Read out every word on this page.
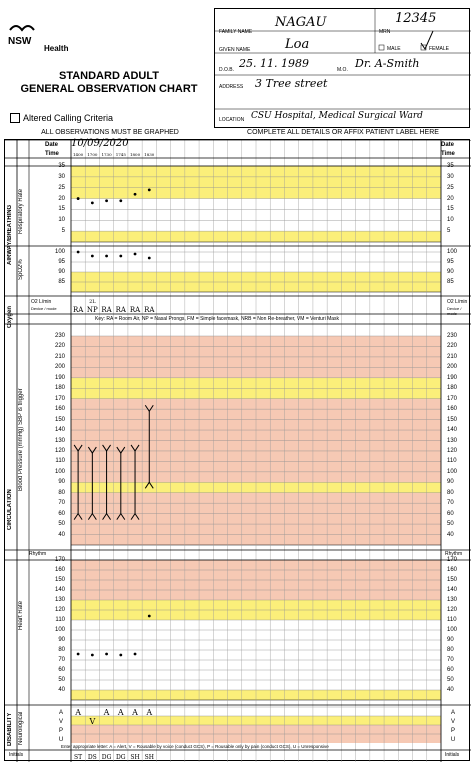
NSW
Health
STANDARD ADULT
GENERAL OBSERVATION CHART
Altered Calling Criteria
ALL OBSERVATIONS MUST BE GRAPHED	COMPLETE ALL DETAILS OR AFFIX PATIENT LABEL HERE
FAMILY NAME
NAGAU
MRN
12345
GIVEN NAME	Loa	MALE	FEMALE
D.O.B. 25. 11. 1989	M.O. Dr. A-Smith
ADDRESS 3 Tree street
LOCATION CSU Hospital, Medical Surgical Ward
A	A
V	V
P	P
U	U
1400 1700 1730 1745 1800 1830
RA NP RA RA RA RA
2L
A
V
A A A A
ST DS DG DG SH SH
AIRWAY/BREATHING Respiratory Rate
SpO2%
Oxygen
CIRCULATION
Blood Pressure (mmHg) SBP is trigger
Heart Rate
DISABILITY Neurological
Date
Time
Date
Time
10/09/2020
O2 L/min
Device / mode
O2 L/min
Device / mode
Key: RA = Room Air, NP = Nasal Prongs, FM = Simple facemask, NRB = Non Re-breather, VM = Venturi Mask
Rhythm	Rhythm
Enter appropriate letter: A = Alert, V = Rousable by voice (conduct GCS), P = Rousable only by pain (conduct GCS), U = Unresponsive
Initials	Initials
35	35
30	30
25	25
20	20
15	15
10	10
5	5
100	100
95	95
90	90
85	85
230	230
220	220
210	210
200	200
190	190
180	180
170	170
160	160
150	150
140	140
130	130
120	120
110	110
100	100
90	90
80	80
70	70
60	60
50	50
40	40
170	170
160	160
150	150
140	140
130	130
120	120
110	110
100	100
90	90
80	80
70	70
60	60
50	50
40	40
